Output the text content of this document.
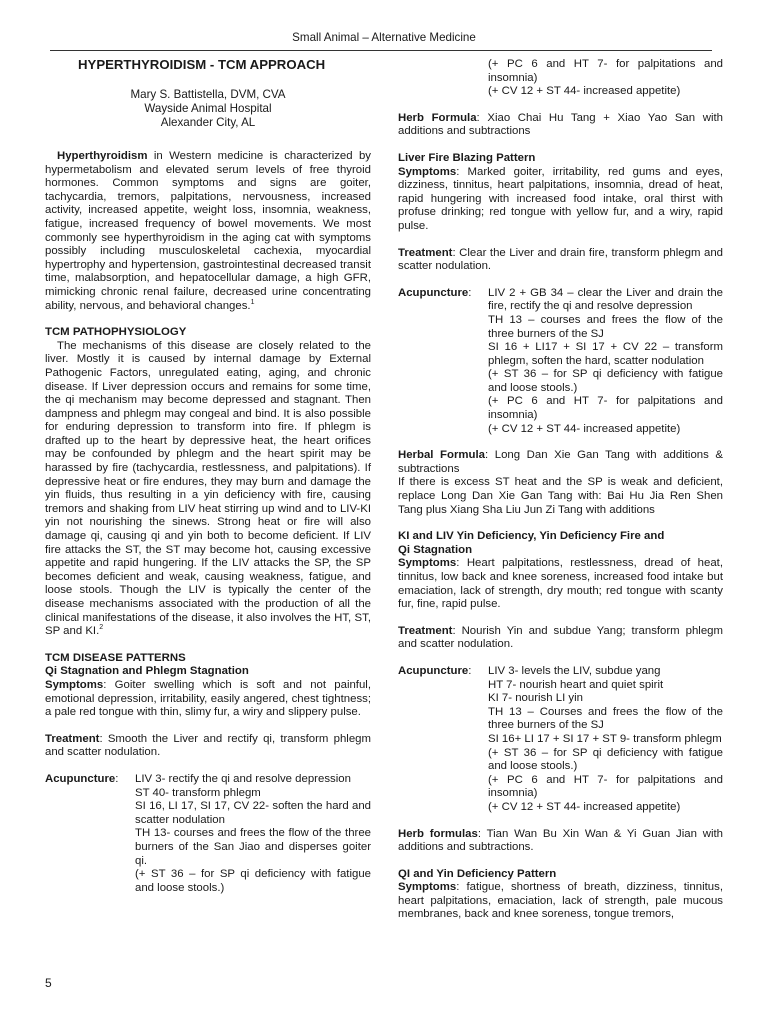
Small Animal – Alternative Medicine
HYPERTHYROIDISM - TCM APPROACH
Mary S. Battistella, DVM, CVA
Wayside Animal Hospital
Alexander City, AL

Hyperthyroidism in Western medicine is characterized by hypermetabolism and elevated serum levels of free thyroid hormones. Common symptoms and signs are goiter, tachycardia, tremors, palpitations, nervousness, increased activity, increased appetite, weight loss, insomnia, weakness, fatigue, increased frequency of bowel movements. We most commonly see hyperthyroidism in the aging cat with symptoms possibly including musculoskeletal cachexia, myocardial hypertrophy and hypertension, gastrointestinal decreased transit time, malabsorption, and hepatocellular damage, a high GFR, mimicking chronic renal failure, decreased urine concentrating ability, nervous, and behavioral changes.$^1$

TCM PATHOPHYSIOLOGY

The mechanisms of this disease are closely related to the liver. Mostly it is caused by internal damage by External Pathogenic Factors, unregulated eating, aging, and chronic disease. If Liver depression occurs and remains for some time, the qi mechanism may become depressed and stagnant. Then dampness and phlegm may congeal and bind. It is also possible for enduring depression to transform into fire. If phlegm is drafted up to the heart by depressive heat, the heart orifices may be confounded by phlegm and the heart spirit may be harassed by fire (tachycardia, restlessness, and palpitations). If depressive heat or fire endures, they may burn and damage the yin fluids, thus resulting in a yin deficiency with fire, causing tremors and shaking from LIV heat stirring up wind and to LIV-KI yin not nourishing the sinews. Strong heat or fire will also damage qi, causing qi and yin both to become deficient. If LIV fire attacks the ST, the ST may become hot, causing excessive appetite and rapid hungering. If the LIV attacks the SP, the SP becomes deficient and weak, causing weakness, fatigue, and loose stools. Though the LIV is typically the center of the disease mechanisms associated with the production of all the clinical manifestations of the disease, it also involves the HT, ST, SP and KI.$^2$

TCM DISEASE PATTERNS
Qi Stagnation and Phlegm Stagnation

Symptoms: Goiter swelling which is soft and not painful, emotional depression, irritability, easily angered, chest tightness; a pale red tongue with thin, slimy fur, a wiry and slippery pulse.

Treatment: Smooth the Liver and rectify qi, transform phlegm and scatter nodulation.

Acupuncture:	LIV 3- rectify the qi and resolve depression

ST 40- transform phlegm

SI 16, LI 17, SI 17, CV 22- soften the hard and scatter nodulation

TH 13- courses and frees the flow of the three burners of the San Jiao and disperses goiter qi.

(+ ST 36 – for SP qi deficiency with fatigue and loose stools.)

(+ PC 6 and HT 7- for palpitations and insomnia)

(+ CV 12 + ST 44- increased appetite)

Herb Formula: Xiao Chai Hu Tang + Xiao Yao San with additions and subtractions

Liver Fire Blazing Pattern

Symptoms: Marked goiter, irritability, red gums and eyes, dizziness, tinnitus, heart palpitations, insomnia, dread of heat, rapid hungering with increased food intake, oral thirst with profuse drinking; red tongue with yellow fur, and a wiry, rapid pulse.

Treatment: Clear the Liver and drain fire, transform phlegm and scatter nodulation.

Acupuncture:	LIV 2 + GB 34 – clear the Liver and drain the fire, rectify the qi and resolve depression

TH 13 – courses and frees the flow of the three burners of the SJ

SI 16 + LI17 + SI 17 + CV 22 – transform phlegm, soften the hard, scatter nodulation

(+ ST 36 – for SP qi deficiency with fatigue and loose stools.)

(+ PC 6 and HT 7- for palpitations and insomnia)

(+ CV 12 + ST 44- increased appetite)

Herbal Formula: Long Dan Xie Gan Tang with additions & subtractions

If there is excess ST heat and the SP is weak and deficient, replace Long Dan Xie Gan Tang with: Bai Hu Jia Ren Shen Tang plus Xiang Sha Liu Jun Zi Tang with additions

KI and LIV Yin Deficiency, Yin Deficiency Fire and
Qi Stagnation

Symptoms: Heart palpitations, restlessness, dread of heat, tinnitus, low back and knee soreness, increased food intake but emaciation, lack of strength, dry mouth; red tongue with scanty fur, fine, rapid pulse.

Treatment: Nourish Yin and subdue Yang; transform phlegm and scatter nodulation.

Acupuncture:	LIV 3- levels the LIV, subdue yang

HT 7- nourish heart and quiet spirit

KI 7- nourish LI yin

TH 13 – Courses and frees the flow of the three burners of the SJ

SI 16+ LI 17 + SI 17 + ST 9- transform phlegm

(+ ST 36 – for SP qi deficiency with fatigue and loose stools.)

(+ PC 6 and HT 7- for palpitations and insomnia)

(+ CV 12 + ST 44- increased appetite)

Herb formulas: Tian Wan Bu Xin Wan & Yi Guan Jian with additions and subtractions.

QI and Yin Deficiency Pattern

Symptoms: fatigue, shortness of breath, dizziness, tinnitus, heart palpitations, emaciation, lack of strength, pale mucous membranes, back and knee soreness, tongue tremors,

5
